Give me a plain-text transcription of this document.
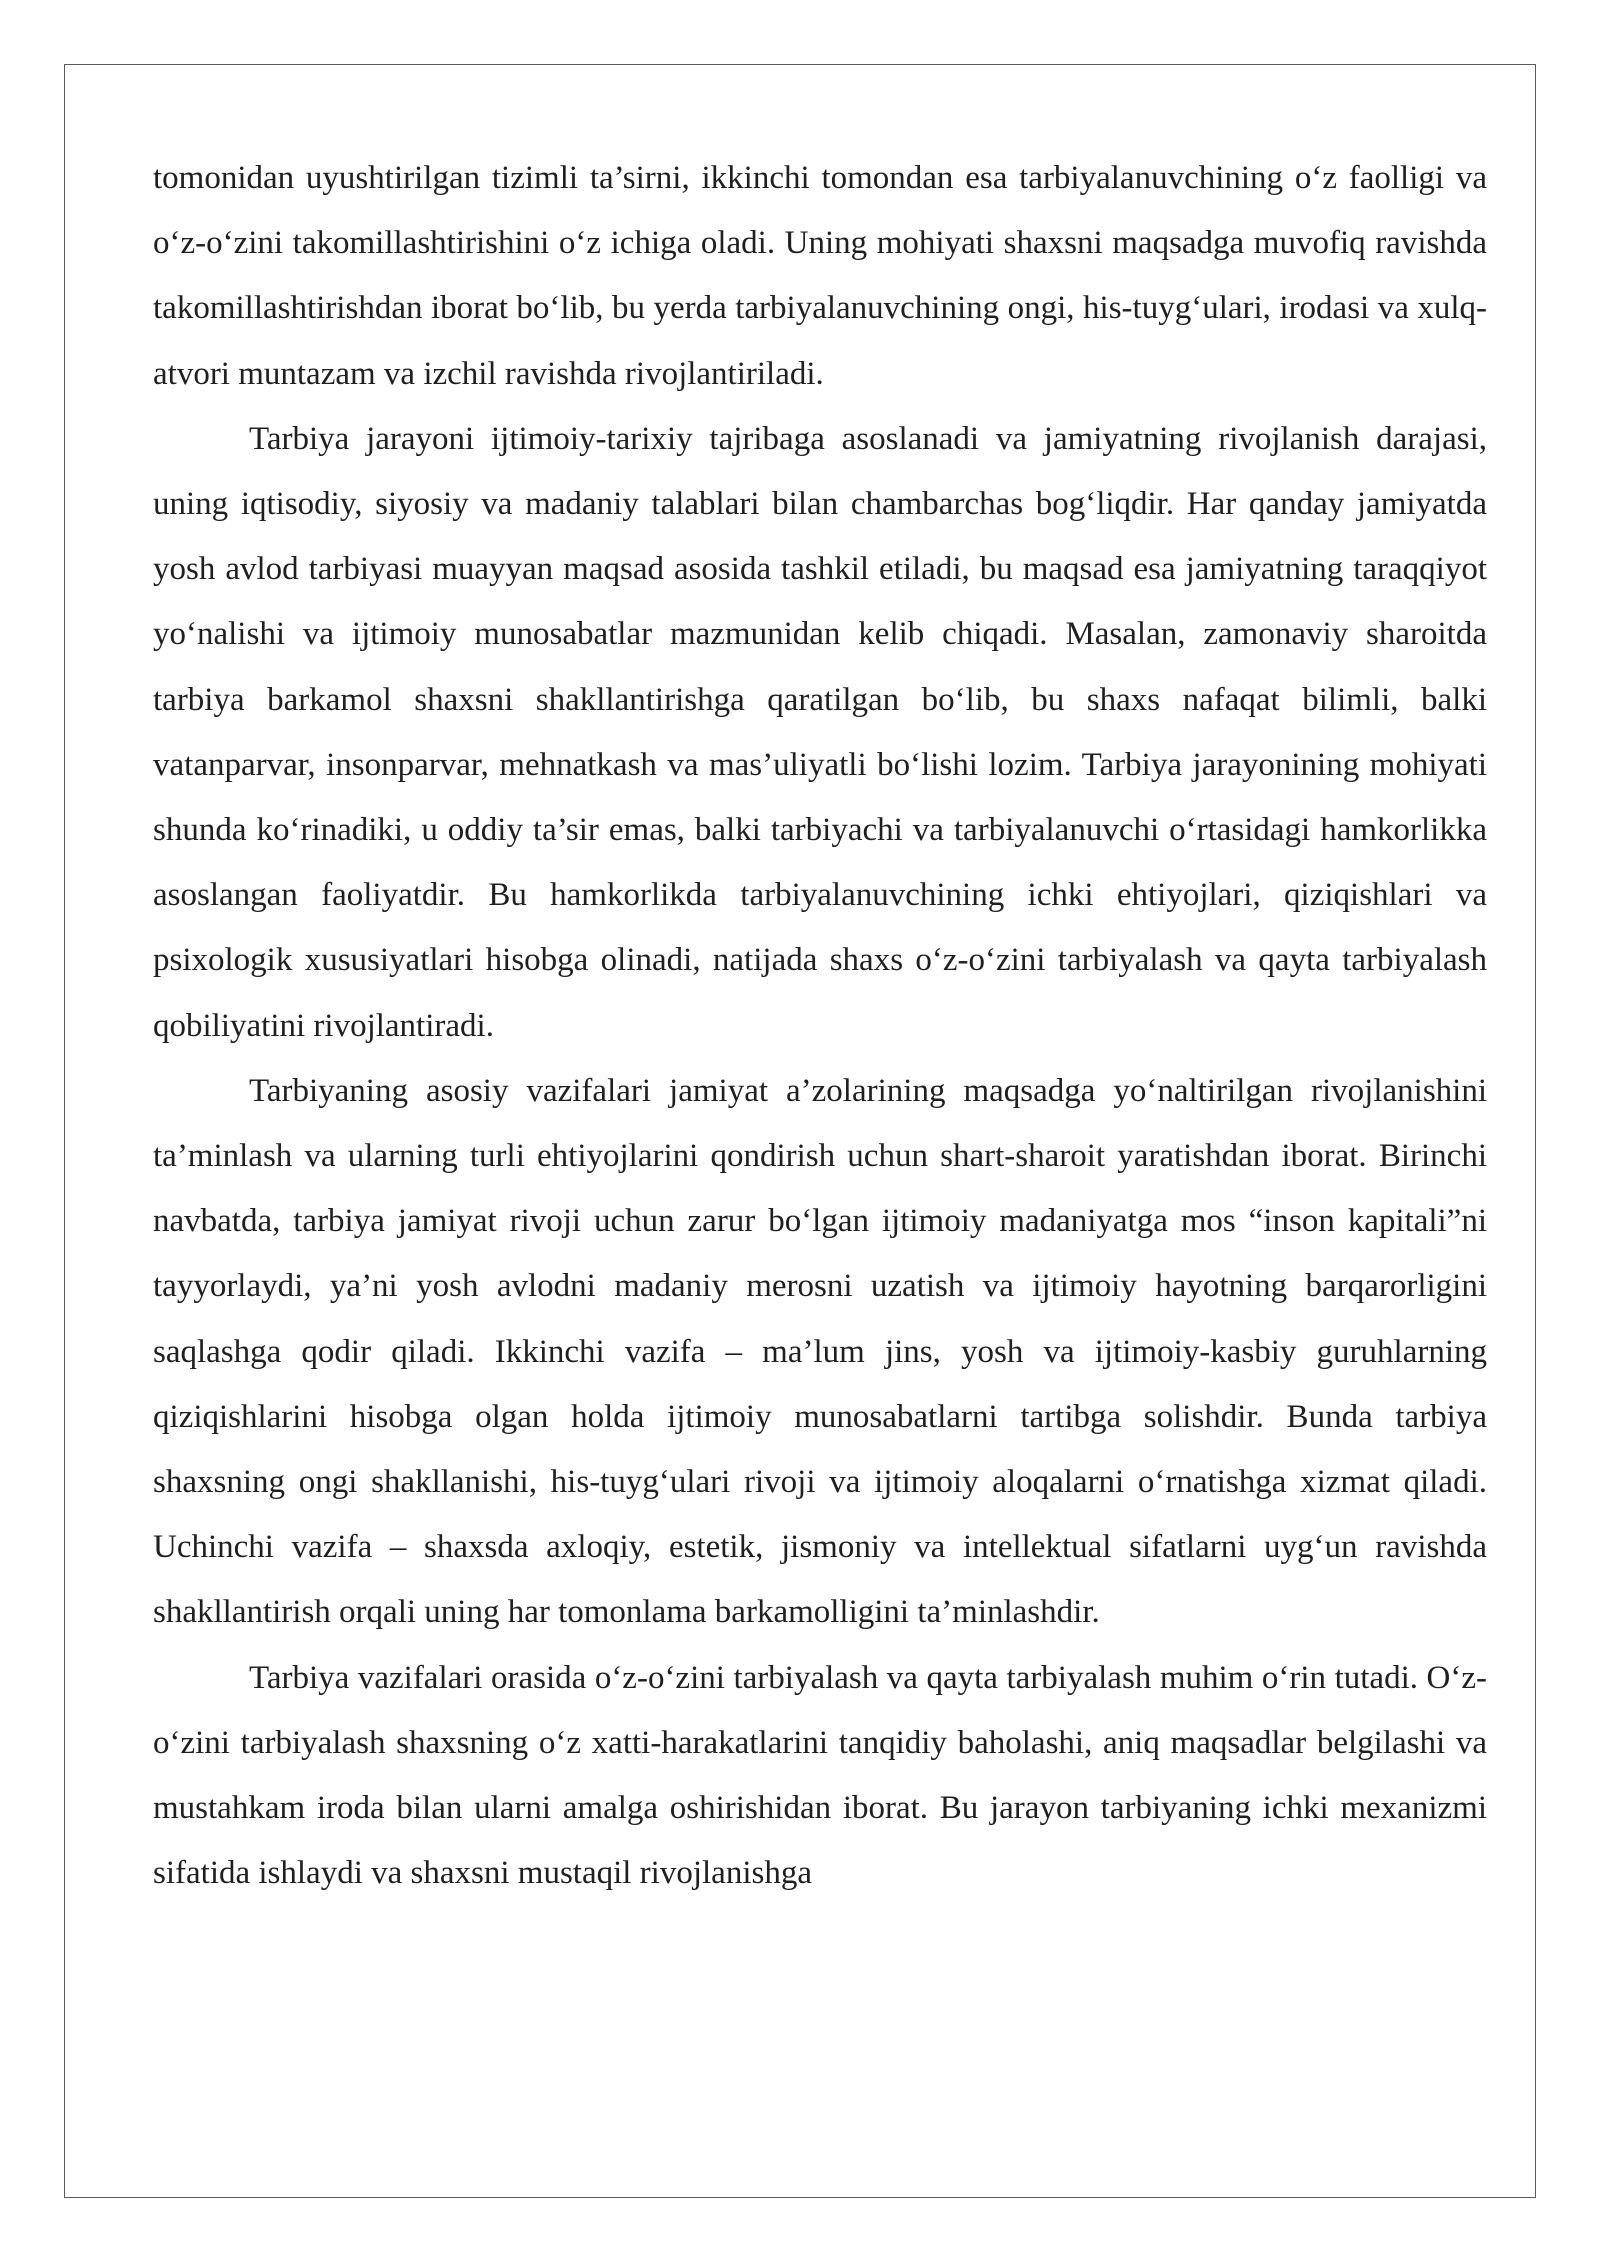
tomonidan uyushtirilgan tizimli ta’sirni, ikkinchi tomondan esa tarbiyalanuvchining o‘z faolligi va o‘z-o‘zini takomillashtirishini o‘z ichiga oladi. Uning mohiyati shaxsni maqsadga muvofiq ravishda takomillashtirishdan iborat bo‘lib, bu yerda tarbiyalanuvchining ongi, his-tuyg‘ulari, irodasi va xulq-atvori muntazam va izchil ravishda rivojlantiriladi.

Tarbiya jarayoni ijtimoiy-tarixiy tajribaga asoslanadi va jamiyatning rivojlanish darajasi, uning iqtisodiy, siyosiy va madaniy talablari bilan chambarchas bog‘liqdir. Har qanday jamiyatda yosh avlod tarbiyasi muayyan maqsad asosida tashkil etiladi, bu maqsad esa jamiyatning taraqqiyot yo‘nalishi va ijtimoiy munosabatlar mazmunidan kelib chiqadi. Masalan, zamonaviy sharoitda tarbiya barkamol shaxsni shakllantirishga qaratilgan bo‘lib, bu shaxs nafaqat bilimli, balki vatanparvar, insonparvar, mehnatkash va mas’uliyatli bo‘lishi lozim. Tarbiya jarayonining mohiyati shunda ko‘rinadiki, u oddiy ta’sir emas, balki tarbiyachi va tarbiyalanuvchi o‘rtasidagi hamkorlikka asoslangan faoliyatdir. Bu hamkorlikda tarbiyalanuvchining ichki ehtiyojlari, qiziqishlari va psixologik xususiyatlari hisobga olinadi, natijada shaxs o‘z-o‘zini tarbiyalash va qayta tarbiyalash qobiliyatini rivojlantiradi.

Tarbiyaning asosiy vazifalari jamiyat a’zolarining maqsadga yo‘naltirilgan rivojlanishini ta’minlash va ularning turli ehtiyojlarini qondirish uchun shart-sharoit yaratishdan iborat. Birinchi navbatda, tarbiya jamiyat rivoji uchun zarur bo‘lgan ijtimoiy madaniyatga mos “inson kapitali”ni tayyorlaydi, ya’ni yosh avlodni madaniy merosni uzatish va ijtimoiy hayotning barqarorligini saqlashga qodir qiladi. Ikkinchi vazifa – ma’lum jins, yosh va ijtimoiy-kasbiy guruhlarning qiziqishlarini hisobga olgan holda ijtimoiy munosabatlarni tartibga solishdir. Bunda tarbiya shaxsning ongi shakllanishi, his-tuyg‘ulari rivoji va ijtimoiy aloqalarni o‘rnatishga xizmat qiladi. Uchinchi vazifa – shaxsda axloqiy, estetik, jismoniy va intellektual sifatlarni uyg‘un ravishda shakllantirish orqali uning har tomonlama barkamolligini ta’minlashdir.

Tarbiya vazifalari orasida o‘z-o‘zini tarbiyalash va qayta tarbiyalash muhim o‘rin tutadi. O‘z-o‘zini tarbiyalash shaxsning o‘z xatti-harakatlarini tanqidiy baholashi, aniq maqsadlar belgilashi va mustahkam iroda bilan ularni amalga oshirishidan iborat. Bu jarayon tarbiyaning ichki mexanizmi sifatida ishlaydi va shaxsni mustaqil rivojlanishga
